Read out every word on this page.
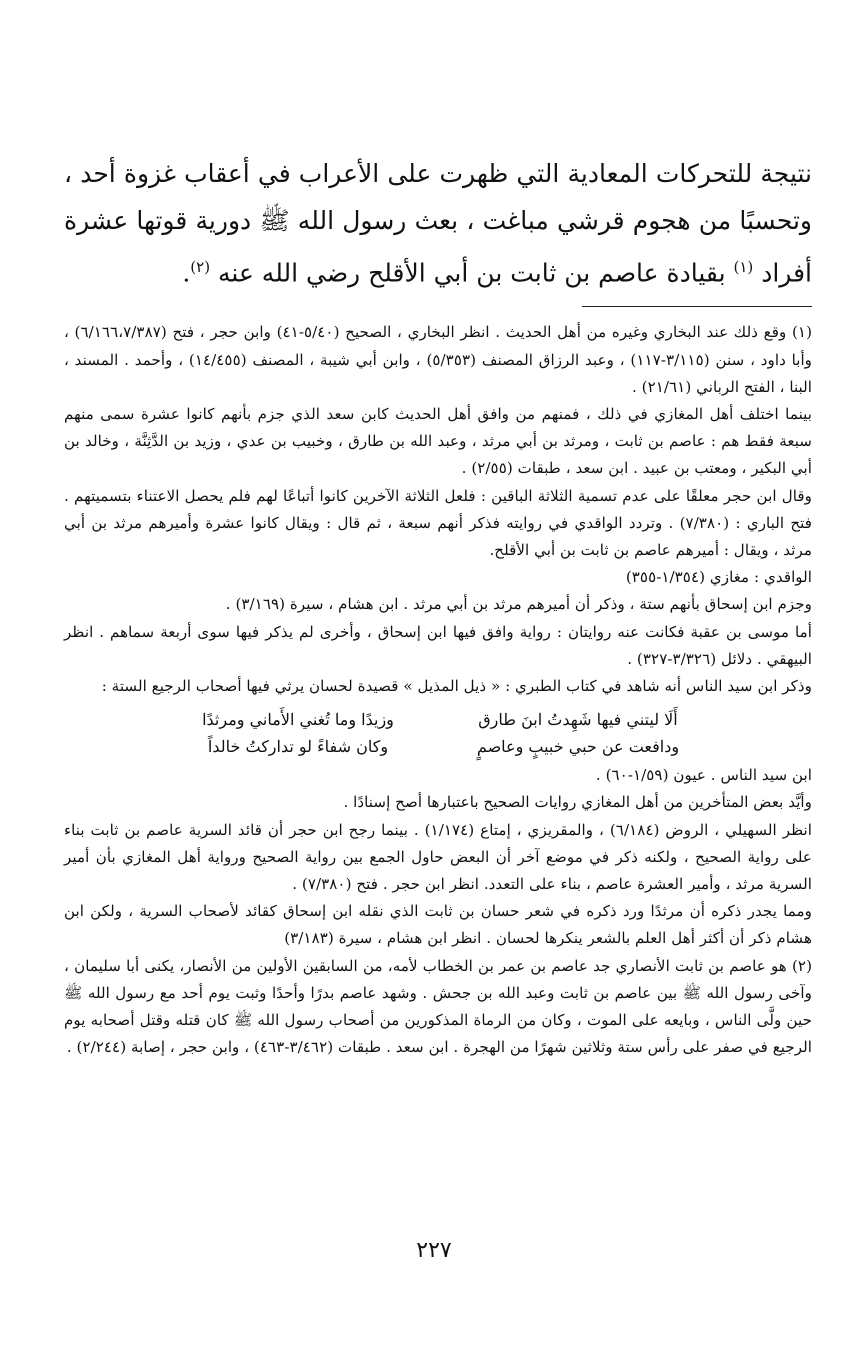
نتيجة للتحركات المعادية التي ظهرت على الأعراب في أعقاب غزوة أحد ، وتحسبًا من هجوم قرشي مباغت ، بعث رسول الله ﷺ دورية قوتها عشرة أفراد $^{(١)}$ بقيادة عاصم بن ثابت بن أبي الأقلح رضي الله عنه $^{(٢)}$.

(١) وقع ذلك عند البخاري وغيره من أهل الحديث . انظر البخاري ، الصحيح (٥/٤٠-٤١) وابن حجر ، فتح (٦/١٦٦،٧/٣٨٧) ، وأبا داود ، سنن (٣/١١٥-١١٧) ، وعبد الرزاق المصنف (٥/٣٥٣) ، وابن أبي شيبة ، المصنف (١٤/٤٥٥) ، وأحمد . المسند ، البنا ، الفتح الرباني (٢١/٦١) .

بينما اختلف أهل المغازي في ذلك ، فمنهم من وافق أهل الحديث كابن سعد الذي جزم بأنهم كانوا عشرة سمى منهم سبعة فقط هم : عاصم بن ثابت ، ومرثد بن أبي مرثد ، وعبد الله بن طارق ، وخبيب بن عدي ، وزيد بن الدَّثِنَّة ، وخالد بن أبي البكير ، ومعتب بن عبيد . ابن سعد ، طبقات (٢/٥٥) .

وقال ابن حجر معلقًا على عدم تسمية الثلاثة الباقين : فلعل الثلاثة الآخرين كانوا أتباعًا لهم فلم يحصل الاعتناء بتسميتهم . فتح الباري : (٧/٣٨٠) . وتردد الواقدي في روايته فذكر أنهم سبعة ، ثم قال : ويقال كانوا عشرة وأميرهم مرثد بن أبي مرثد ، ويقال : أميرهم عاصم بن ثابت بن أبي الأقلح.

الواقدي : مغازي (١/٣٥٤-٣٥٥)

وجزم ابن إسحاق بأنهم ستة ، وذكر أن أميرهم مرثد بن أبي مرثد . ابن هشام ، سيرة (٣/١٦٩) .

أما موسى بن عقبة فكانت عنه روايتان : رواية وافق فيها ابن إسحاق ، وأخرى لم يذكر فيها سوى أربعة سماهم . انظر البيهقي . دلائل (٣/٣٢٦-٣٢٧) .

وذكر ابن سيد الناس أنه شاهد في كتاب الطبري : « ذيل المذيل » قصيدة لحسان يرثي فيها أصحاب الرجيع الستة :

أَلَا ليتني فيها شَهِدتُ ابنَ طارق
وزيدًا وما تُغني الأَماني ومرثدًا
ودافعت عن حبي خبيبٍ وعاصمٍ
وكان شفاءً لو تداركتُ خالداً

ابن سيد الناس . عيون (١/٥٩-٦٠) .

وأيَّد بعض المتأخرين من أهل المغازي روايات الصحيح باعتبارها أصح إسنادًا .

انظر السهيلي ، الروض (٦/١٨٤) ، والمقريزي ، إمتاع (١/١٧٤) . بينما رجح ابن حجر أن قائد السرية عاصم بن ثابت بناء على رواية الصحيح ، ولكنه ذكر في موضع آخر أن البعض حاول الجمع بين رواية الصحيح ورواية أهل المغازي بأن أمير السرية مرثد ، وأمير العشرة عاصم ، بناء على التعدد. انظر ابن حجر . فتح (٧/٣٨٠) .

ومما يجدر ذكره أن مرثدًا ورد ذكره في شعر حسان بن ثابت الذي نقله ابن إسحاق كقائد لأصحاب السرية ، ولكن ابن هشام ذكر أن أكثر أهل العلم بالشعر ينكرها لحسان . انظر ابن هشام ، سيرة (٣/١٨٣)

(٢) هو عاصم بن ثابت الأنصاري جد عاصم بن عمر بن الخطاب لأمه، من السابقين الأولين من الأنصار، يكنى أبا سليمان ، وآخى رسول الله ﷺ بين عاصم بن ثابت وعبد الله بن جحش . وشهد عاصم بدرًا وأحدًا وثبت يوم أحد مع رسول الله ﷺ حين ولَّى الناس ، وبايعه على الموت ، وكان من الرماة المذكورين من أصحاب رسول الله ﷺ كان قتله وقتل أصحابه يوم الرجيع في صفر على رأس ستة وثلاثين شهرًا من الهجرة . ابن سعد . طبقات (٣/٤٦٢-٤٦٣) ، وابن حجر ، إصابة (٢/٢٤٤) .

٢٢٧
